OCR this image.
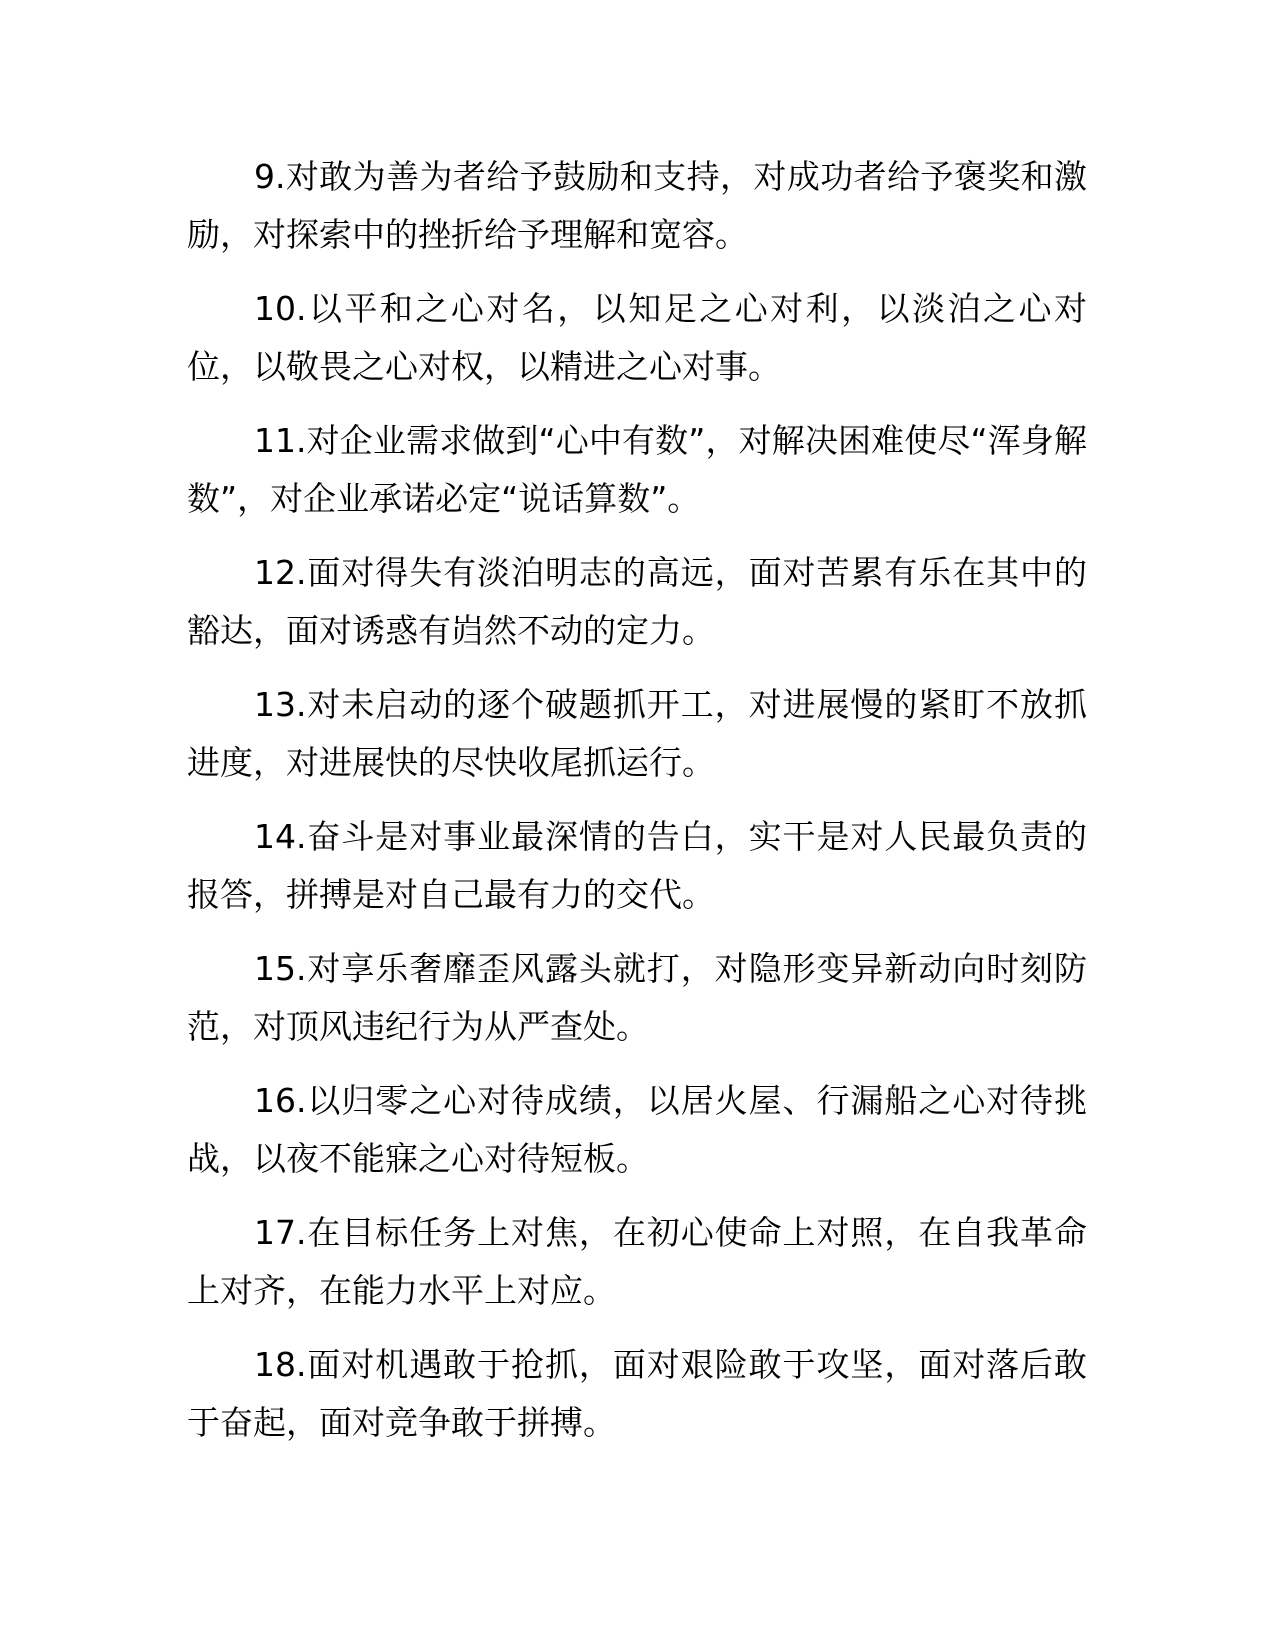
9.对敢为善为者给予鼓励和支持，对成功者给予褒奖和激励，对探索中的挫折给予理解和宽容。

10.以平和之心对名，以知足之心对利，以淡泊之心对位，以敬畏之心对权，以精进之心对事。

11.对企业需求做到“心中有数”，对解决困难使尽“浑身解数”，对企业承诺必定“说话算数”。

12.面对得失有淡泊明志的高远，面对苦累有乐在其中的豁达，面对诱惑有岿然不动的定力。

13.对未启动的逐个破题抓开工，对进展慢的紧盯不放抓进度，对进展快的尽快收尾抓运行。

14.奋斗是对事业最深情的告白，实干是对人民最负责的报答，拼搏是对自己最有力的交代。

15.对享乐奢靡歪风露头就打，对隐形变异新动向时刻防范，对顶风违纪行为从严查处。

16.以归零之心对待成绩，以居火屋、行漏船之心对待挑战，以夜不能寐之心对待短板。

17.在目标任务上对焦，在初心使命上对照，在自我革命上对齐，在能力水平上对应。

18.面对机遇敢于抢抓，面对艰险敢于攻坚，面对落后敢于奋起，面对竞争敢于拼搏。
